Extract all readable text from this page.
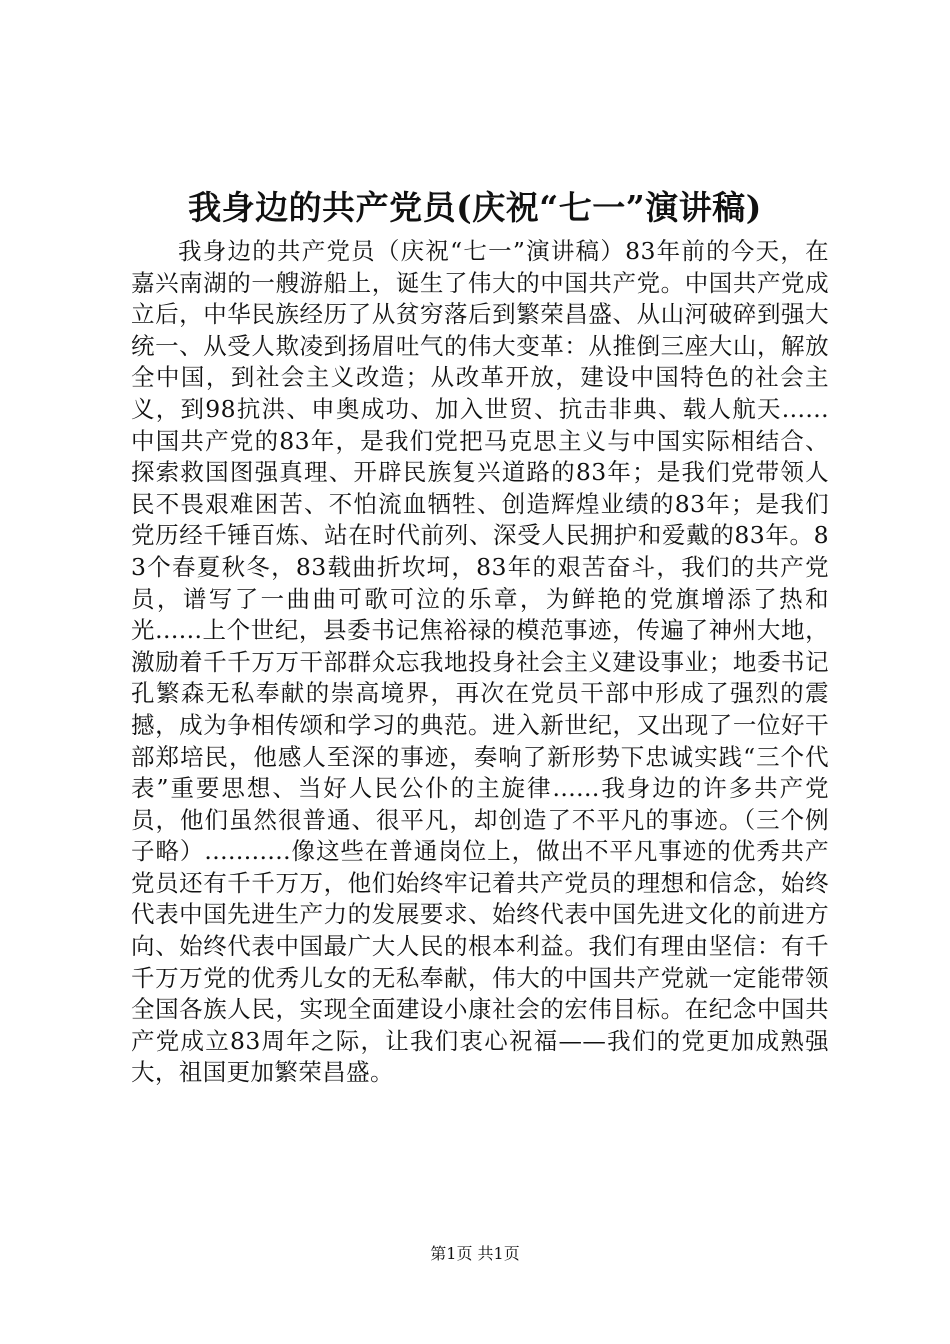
我身边的共产党员(庆祝“七一”演讲稿)

我身边的共产党员（庆祝“七一”演讲稿）83年前的今天，在嘉兴南湖的一艘游船上，诞生了伟大的中国共产党。中国共产党成立后，中华民族经历了从贫穷落后到繁荣昌盛、从山河破碎到强大统一、从受人欺凌到扬眉吐气的伟大变革：从推倒三座大山，解放全中国，到社会主义改造；从改革开放，建设中国特色的社会主义，到98抗洪、申奥成功、加入世贸、抗击非典、载人航天......中国共产党的83年，是我们党把马克思主义与中国实际相结合、探索救国图强真理、开辟民族复兴道路的83年；是我们党带领人民不畏艰难困苦、不怕流血牺牲、创造辉煌业绩的83年；是我们党历经千锤百炼、站在时代前列、深受人民拥护和爱戴的83年。83个春夏秋冬，83载曲折坎坷，83年的艰苦奋斗，我们的共产党员，谱写了一曲曲可歌可泣的乐章，为鲜艳的党旗增添了热和光......上个世纪，县委书记焦裕禄的模范事迹，传遍了神州大地，激励着千千万万干部群众忘我地投身社会主义建设事业；地委书记孔繁森无私奉献的崇高境界，再次在党员干部中形成了强烈的震撼，成为争相传颂和学习的典范。进入新世纪，又出现了一位好干部郑培民，他感人至深的事迹，奏响了新形势下忠诚实践“三个代表”重要思想、当好人民公仆的主旋律......我身边的许多共产党员，他们虽然很普通、很平凡，却创造了不平凡的事迹。（三个例子略）...........像这些在普通岗位上，做出不平凡事迹的优秀共产党员还有千千万万，他们始终牢记着共产党员的理想和信念，始终代表中国先进生产力的发展要求、始终代表中国先进文化的前进方向、始终代表中国最广大人民的根本利益。我们有理由坚信：有千千万万党的优秀儿女的无私奉献，伟大的中国共产党就一定能带领全国各族人民，实现全面建设小康社会的宏伟目标。在纪念中国共产党成立83周年之际，让我们衷心祝福——我们的党更加成熟强大，祖国更加繁荣昌盛。

第1页 共1页
